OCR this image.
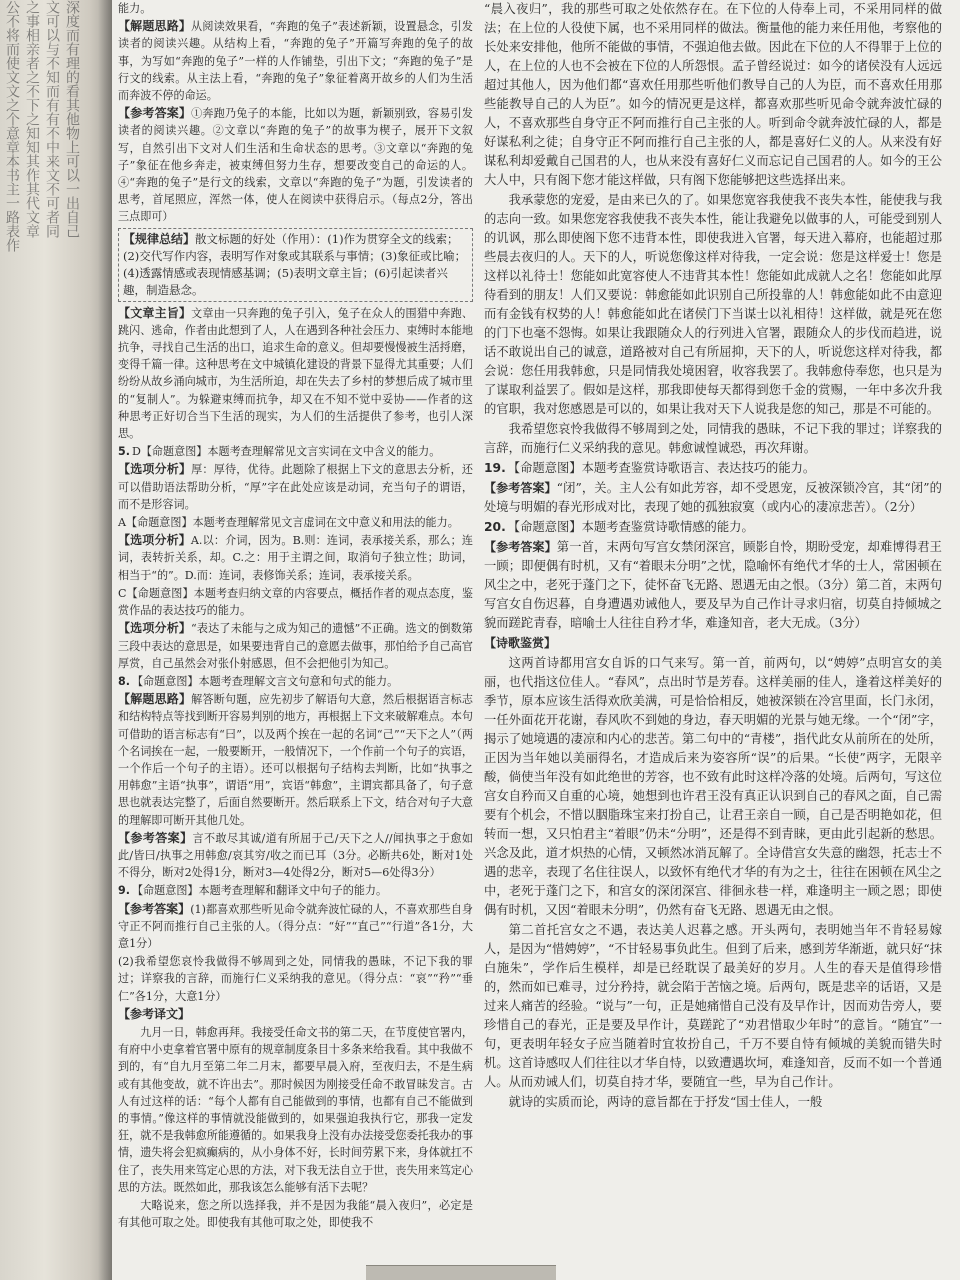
公不将而使文文之个意章本书主一路表作 之事相亲者之不下之知知其作其代文章 文可以与不知而有有不中来文不可者同 深度而有理的看其他物上可以一出自己	能力。

【解题思路】从阅读效果看，“奔跑的兔子”表述新颖，设置悬念，引发读者的阅读兴趣。从结构上看，“奔跑的兔子”开篇写奔跑的兔子的故事，为写如“奔跑的兔子”一样的人作铺垫，引出下文；“奔跑的兔子”是行文的线索。从主法上看，“奔跑的兔子”象征着离开故乡的人们为生活而奔波不停的命运。

【参考答案】①奔跑乃兔子的本能，比如以为题，新颖别致，容易引发读者的阅读兴趣。②文章以“奔跑的兔子”的故事为楔子，展开下文叙写，自然引出下文对人们生活和生命状态的思考。③文章以“奔跑的兔子”象征在他乡奔走，被束缚但努力生存，想要改变自己的命运的人。④“奔跑的兔子”是行文的线索，文章以“奔跑的兔子”为题，引发读者的思考，首尾照应，浑然一体，使人在阅读中获得启示。（每点2分，答出三点即可）

【规律总结】散文标题的好处（作用）：(1)作为贯穿全文的线索；(2)交代写作内容，表明写作对象或其联系与事情；(3)象征或比喻；(4)透露情感或表现情感基调；(5)表明文章主旨；(6)引起读者兴趣，制造悬念。

【文章主旨】文章由一只奔跑的兔子引入，兔子在众人的围猎中奔跑、跳闪、逃命，作者由此想到了人，人在遇到各种社会压力、束缚时本能地抗争，寻找自己生活的出口，追求生命的意义。但却要慢慢被生活捋磨，变得千篇一律。这种思考在文中城镇化建设的背景下显得尤其重要；人们纷纷从故乡涌向城市，为生活所迫，却在失去了乡村的梦想后成了城市里的“复制人”。为躲避束缚而抗争，却又在不知不觉中妥协——作者的这种思考正好切合当下生活的现实，为人们的生活提供了参考，也引人深思。

5. D【命题意图】本题考查理解常见文言实词在文中含义的能力。

【选项分析】厚：厚待，优待。此题除了根据上下文的意思去分析，还可以借助语法帮助分析，“厚”字在此处应该是动词，充当句子的谓语，而不是形容词。

A【命题意图】本题考查理解常见文言虚词在文中意义和用法的能力。

【选项分析】A.以：介词，因为。B.则：连词，表承接关系，那么；连词，表转折关系，却。C.之：用于主谓之间，取消句子独立性；助词，相当于“的”。D.而：连词，表修饰关系；连词，表承接关系。

C【命题意图】本题考查归纳文章的内容要点，概括作者的观点态度，鉴赏作品的表达技巧的能力。

【选项分析】“表达了未能与之成为知己的遗憾”不正确。选文的倒数第三段中表达的意思是，如果要违背自己的意愿去做事，那怕给予自己高官厚赏，自己虽然会对张仆射感恩，但不会把他引为知己。

8. 【命题意图】本题考查理解文言文句意和句式的能力。

【解题思路】解答断句题，应先初步了解语句大意，然后根据语言标志和结构特点等找到断开容易判别的地方，再根据上下文来破解难点。本句可借助的语言标志有“曰”，以及两个挨在一起的名词“己”“天下之人”（两个名词挨在一起，一般要断开，一般情况下，一个作前一个句子的宾语，一个作后一个句子的主语）。还可以根据句子结构去判断，比如“执事之用韩愈”主语“执事”，谓语“用”，宾语“韩愈”，主谓宾都具备了，句子意思也就表达完整了，后面自然要断开。然后联系上下文，结合对句子大意的理解即可断开其他几处。

【参考答案】言不敢尽其诚/道有所屈于己/天下之人//闻执事之于愈如此/皆曰/执事之用韩愈/哀其穷/收之而已耳（3分。必断共6处，断对1处不得分，断对2处得1分，断对3—4处得2分，断对5—6处得3分）

9. 【命题意图】本题考查理解和翻译文中句子的能力。

【参考答案】(1)都喜欢那些听见命令就奔波忙碌的人，不喜欢那些自身守正不阿而推行自己主张的人。（得分点：“好”“直己”“行道”各1分，大意1分）

(2)我希望您哀怜我做得不够周到之处，同情我的愚昧，不记下我的罪过；详察我的言辞，而施行仁义采纳我的意见。（得分点：“哀”“矜”“垂仁”各1分，大意1分）

【参考译文】

九月一日，韩愈再拜。我接受任命文书的第二天，在节度使官署内，有府中小吏拿着官署中原有的规章制度条目十多条来给我看。其中我做不到的，有“自九月至第二年二月末，都要早晨入府，至夜归去，不是生病或有其他变故，就不许出去”。那时候因为刚接受任命不敢冒昧发言。古人有过这样的话：“每个人都有自己能做到的事情，也都有自己不能做到的事情。”像这样的事情就没能做到的，如果强迫我执行它，那我一定发狂，就不是我韩愈所能遵循的。如果我身上没有办法接受您委托我办的事情，遗失将会犯疯癫病的，从小身体不好，长时间劳累下来，身体就扛不住了，丧失用来笃定心思的方法，对下我无法自立于世，丧失用来笃定心思的方法。既然如此，那我该怎么能够有活下去呢？

大略说来，您之所以选择我，并不是因为我能“晨入夜归”，必定是有其他可取之处。即使我有其他可取之处，即使我不

“晨入夜归”，我的那些可取之处依然存在。在下位的人侍奉上司，不采用同样的做法；在上位的人役使下属，也不采用同样的做法。衡量他的能力来任用他，考察他的长处来安排他，他所不能做的事情，不强迫他去做。因此在下位的人不得罪于上位的人，在上位的人也不会被在下位的人所怨恨。孟子曾经说过：如今的诸侯没有人远远超过其他人，因为他们都“喜欢任用那些听他们教导自己的人为臣，而不喜欢任用那些能教导自己的人为臣”。如今的情况更是这样，都喜欢那些听见命令就奔波忙碌的人，不喜欢那些自身守正不阿而推行自己主张的人。听到命令就奔波忙碌的人，都是好谋私利之徒；自身守正不阿而推行自己主张的人，都是喜好仁义的人。从来没有好谋私利却爱戴自己国君的人，也从来没有喜好仁义而忘记自己国君的人。如今的王公大人中，只有阁下您才能这样做，只有阁下您能够把这些选择出来。

我承蒙您的宠爱，是由来已久的了。如果您宽容我使我不丧失本性，能使我与我的志向一致。如果您宠容我使我不丧失本性，能让我避免以做事的人，可能受到别人的讥讽，那么即使阁下您不违背本性，即使我进入官署，每天进入幕府，也能超过那些晨去夜归的人。天下的人，听说您像这样对待我，一定会说：您是这样爱士！您是这样以礼待士！您能如此宽容使人不违背其本性！您能如此成就人之名！您能如此厚待看到的朋友！人们又要说：韩愈能如此识别自己所投靠的人！韩愈能如此不由意迎而有金钱有权势的人！韩愈能如此在诸侯门下当谋士以礼相待！这样做，就是死在您的门下也毫不怨悔。如果让我跟随众人的行列进入官署，跟随众人的步伐而趋进，说话不敢说出自己的诚意，道路被对自己有所屈抑，天下的人，听说您这样对待我，都会说：您任用我韩愈，只是同情我处境困窘，收容我罢了。我韩愈侍奉您，也只是为了谋取利益罢了。假如是这样，那我即使每天都得到您千金的赏赐，一年中多次升我的官职，我对您感恩是可以的，如果让我对天下人说我是您的知己，那是不可能的。

我希望您哀怜我做得不够周到之处，同情我的愚昧，不记下我的罪过；详察我的言辞，而施行仁义采纳我的意见。韩愈诚惶诚恐，再次拜谢。

19. 【命题意图】本题考查鉴赏诗歌语言、表达技巧的能力。

【参考答案】“闭”，关。主人公有如此芳容，却不受恩宠，反被深锁冷宫，其“闭”的处境与明媚的春光形成对比，表现了她的孤独寂寞（或内心的凄凉悲苦）。（2分）

20. 【命题意图】本题考查鉴赏诗歌情感的能力。

【参考答案】第一首，末两句写宫女禁闭深宫，顾影自怜，期盼受宠，却难博得君王一顾；即便偶有时机，又有“着眼未分明”之忧，隐喻怀有绝代才华的士人，常困顿在风尘之中，老死于蓬门之下，徒怀奋飞无路、恩遇无由之恨。（3分）第二首，末两句写宫女自伤迟暮，自身遭遇劝诫他人，要及早为自己作计寻求归宿，切莫自持倾城之貌而蹉跎青春，暗喻士人往往自矜才华，难逢知音，老大无成。（3分）

【诗歌鉴赏】

这两首诗都用宫女自诉的口气来写。第一首，前两句，以“娉婷”点明宫女的美丽，也代指这位佳人。“春风”，点出时节是芳春。这样美丽的佳人，逢着这样美好的季节，原本应该生活得欢欣美满，可是恰恰相反，她被深锁在冷宫里面，长门永闭，一任外面花开花谢，春风吹不到她的身边，春天明媚的光景与她无缘。一个“闭”字，揭示了她境遇的凄凉和内心的悲苦。第二句中的“青楼”，指代此女从前所在的处所，正因为当年她以美丽得名，才造成后来为姿容所“误”的后果。“长使”两字，无限辛酸，倘使当年没有如此绝世的芳容，也不致有此时这样冷落的处境。后两句，写这位宫女自矜而又自重的心境，她想到也许君王没有真正认识到自己的春风之面，自己需要有个机会，不惜以胭脂珠宝来打扮自己，让君王亲自一顾，自己是否明艳如花，但转而一想，又只怕君主“着眼”仍未“分明”，还是得不到青睐，更由此引起新的愁思。兴念及此，道才炽热的心情，又顿然冰消瓦解了。全诗借宫女失意的幽怨，托志士不遇的悲辛，表现了名住往误人，以致怀有绝代才华的有为之士，往往在困顿在风尘之中，老死于蓬门之下，和宫女的深闭深宫、徘徊永巷一样，难逢明主一顾之恩；即使偶有时机，又因“着眼未分明”，仍然有奋飞无路、恩遇无由之恨。

第二首托宫女之不遇，表达美人迟暮之感。开头两句，表明她当年不肯轻易嫁人，是因为“惜娉婷”，“不甘轻易事负此生。但到了后来，感到芳华渐逝，就只好“抹白施朱”，学作后生模样，却是已经耽误了最美好的岁月。人生的春天是值得珍惜的，然而如已难寻，过分矜持，就会陷于苦恼之境。后两句，既是悲辛的话语，又是过来人痛苦的经验。“说与”一句，正是她痛惜自己没有及早作计，因而劝告旁人，要珍惜自己的春光，正是要及早作计，莫蹉跎了“劝君惜取少年时”的意旨。“随宜”一句，更表明年轻女子应当随着时宜妆扮自己，千万不要自恃有倾城的美貌而错失时机。这首诗感叹人们往往以才华自恃，以致遭遇坎坷，难逢知音，反而不如一个普通人。从而劝诫人们，切莫自持才华，要随宜一些，早为自己作计。

就诗的实质而论，两诗的意旨都在于抒发“国士佳人，一般
